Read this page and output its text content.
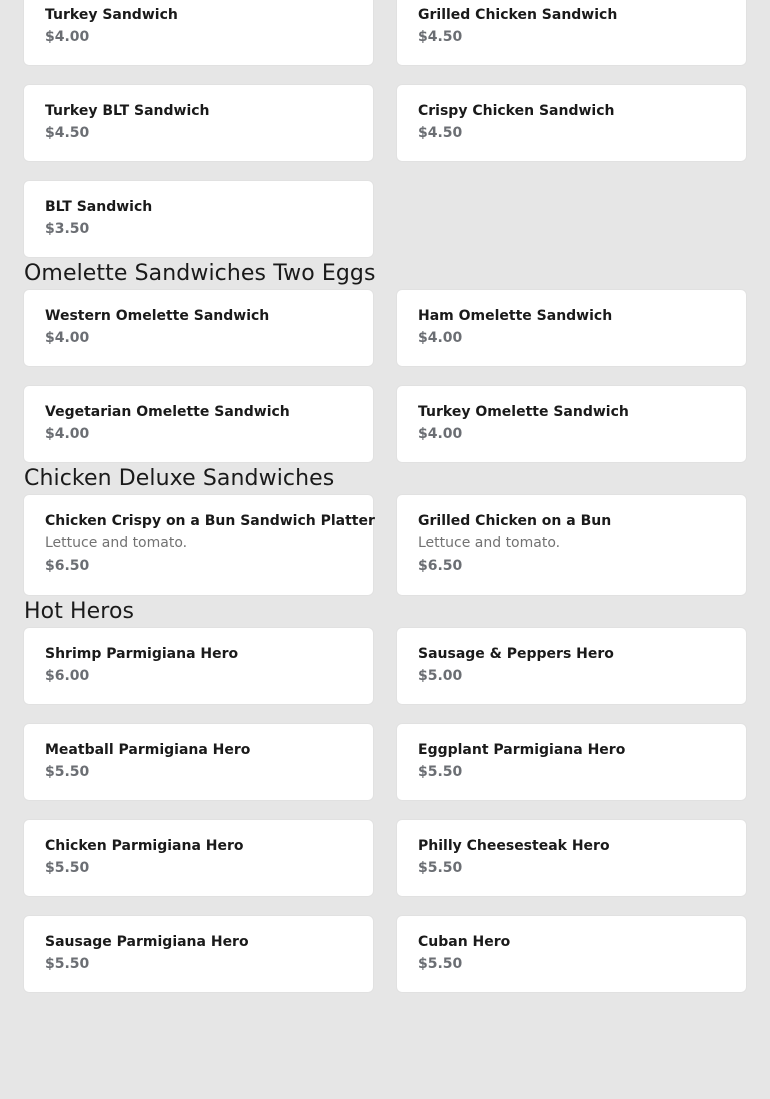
Turkey Sandwich
$4.00
Grilled Chicken Sandwich
$4.50
Turkey BLT Sandwich
$4.50
Crispy Chicken Sandwich
$4.50
BLT Sandwich
$3.50
Omelette Sandwiches Two Eggs
Western Omelette Sandwich
$4.00
Ham Omelette Sandwich
$4.00
Vegetarian Omelette Sandwich
$4.00
Turkey Omelette Sandwich
$4.00
Chicken Deluxe Sandwiches
Chicken Crispy on a Bun Sandwich Platter
Lettuce and tomato.
$6.50
Grilled Chicken on a Bun
Lettuce and tomato.
$6.50
Hot Heros
Shrimp Parmigiana Hero
$6.00
Sausage & Peppers Hero
$5.00
Meatball Parmigiana Hero
$5.50
Eggplant Parmigiana Hero
$5.50
Chicken Parmigiana Hero
$5.50
Philly Cheesesteak Hero
$5.50
Sausage Parmigiana Hero
$5.50
Cuban Hero
$5.50
